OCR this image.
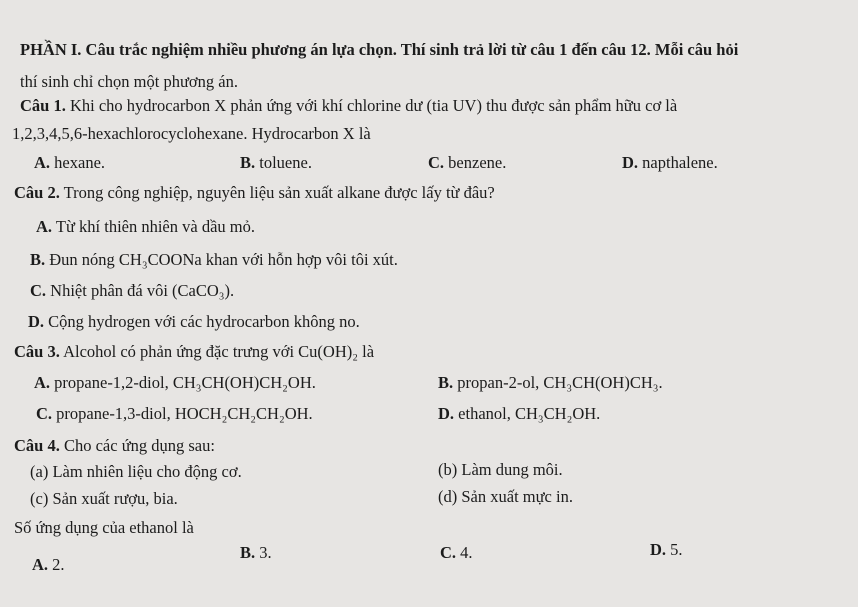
PHẦN I. Câu trắc nghiệm nhiều phương án lựa chọn. Thí sinh trả lời từ câu 1 đến câu 12. Mỗi câu hỏi
thí sinh chỉ chọn một phương án.
Câu 1. Khi cho hydrocarbon X phản ứng với khí chlorine dư (tia UV) thu được sản phẩm hữu cơ là
1,2,3,4,5,6-hexachlorocyclohexane. Hydrocarbon X là
A. hexane.	B. toluene.	C. benzene.	D. napthalene.
Câu 2. Trong công nghiệp, nguyên liệu sản xuất alkane được lấy từ đâu?
A. Từ khí thiên nhiên và dầu mỏ.
B. Đun nóng CH₃COONa khan với hỗn hợp vôi tôi xút.
C. Nhiệt phân đá vôi (CaCO₃).
D. Cộng hydrogen với các hydrocarbon không no.
Câu 3. Alcohol có phản ứng đặc trưng với Cu(OH)₂ là
A. propane-1,2-diol, CH₃CH(OH)CH₂OH.	B. propan-2-ol, CH₃CH(OH)CH₃.
C. propane-1,3-diol, HOCH₂CH₂CH₂OH.	D. ethanol, CH₃CH₂OH.
Câu 4. Cho các ứng dụng sau:
(a) Làm nhiên liệu cho động cơ.	(b) Làm dung môi.
(c) Sản xuất rượu, bia.	(d) Sản xuất mực in.
Số ứng dụng của ethanol là
A. 2.
B. 3.	C. 4.	D. 5.
